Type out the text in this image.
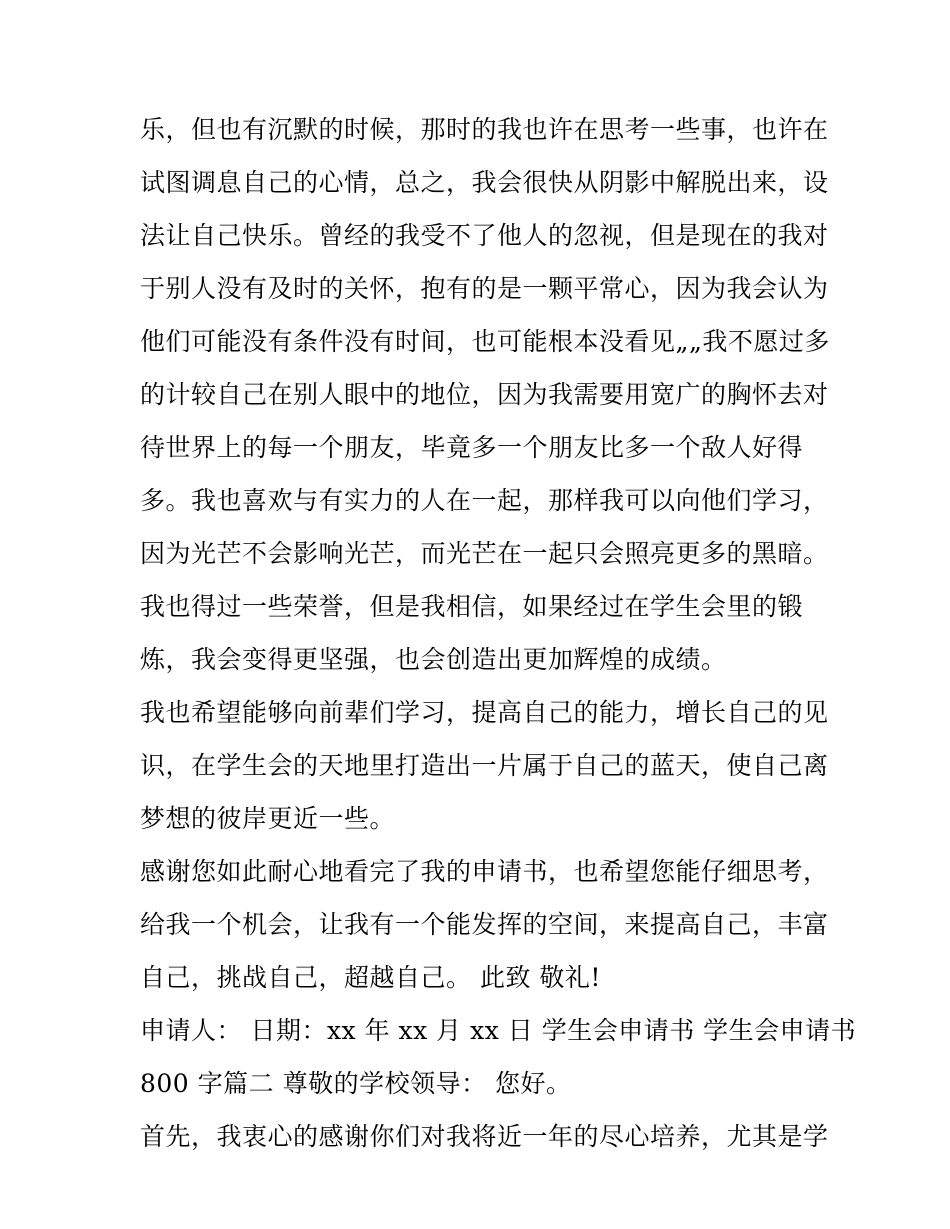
乐，但也有沉默的时候，那时的我也许在思考一些事，也许在
试图调息自己的心情，总之，我会很快从阴影中解脱出来，设
法让自己快乐。曾经的我受不了他人的忽视，但是现在的我对
于别人没有及时的关怀，抱有的是一颗平常心，因为我会认为
他们可能没有条件没有时间，也可能根本没看见„„我不愿过多
的计较自己在别人眼中的地位，因为我需要用宽广的胸怀去对
待世界上的每一个朋友，毕竟多一个朋友比多一个敌人好得
多。我也喜欢与有实力的人在一起，那样我可以向他们学习，
因为光芒不会影响光芒，而光芒在一起只会照亮更多的黑暗。
我也得过一些荣誉，但是我相信，如果经过在学生会里的锻
炼，我会变得更坚强，也会创造出更加辉煌的成绩。
我也希望能够向前辈们学习，提高自己的能力，增长自己的见
识，在学生会的天地里打造出一片属于自己的蓝天，使自己离
梦想的彼岸更近一些。
感谢您如此耐心地看完了我的申请书，也希望您能仔细思考，
给我一个机会，让我有一个能发挥的空间，来提高自己，丰富
自己，挑战自己，超越自己。 此致 敬礼!
申请人： 日期：xx 年 xx 月 xx 日 学生会申请书 学生会申请书
800 字篇二 尊敬的学校领导： 您好。
首先，我衷心的感谢你们对我将近一年的尽心培养，尤其是学
